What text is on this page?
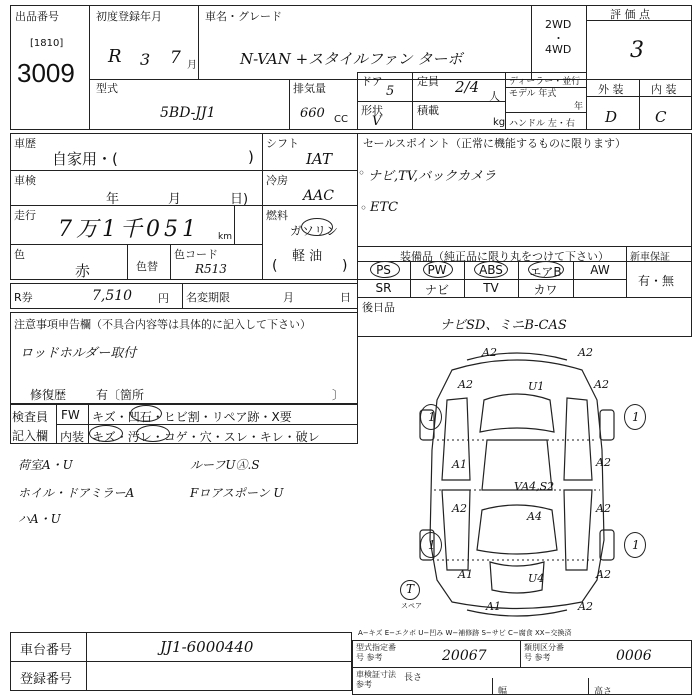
出品番号
[1810]
3009
初度登録年月
R 3 7 月
車名・グレード
N-VAN +スタイルファン ターボ
2WD
・
4WD
評 価 点
3
型式
5BD-JJ1
排気量
660 CC
ドア
5
定員 2/4
人
形状
V
積載
kg
ディーラー・並行
モデル 年式
年
ハンドル 左・右
外 装
D
内 装
C
車歴
自家用・(	)
シフト
IAT
車検
年	月	日)
冷房
AAC
走行
7万1千051 km
燃料
ガソリン
軽 油
(	)
色
赤	色替
色コード
R513
R券	7,510 円 名変期限	月	日
セールスポイント（正常に機能するものに限ります）
ナビ,TV,バックカメラ
ETC
◦
◦
装備品（純正品に限り丸をつけて下さい） 新車保証
有・無
PS	PW	ABS	エアB	AW
SR	ナビ	TV	カワ
後日品
ナビSD、ミニB-CAS
注意事項申告欄（不具合内容等は具体的に記入して下さい）
ロッドホルダー取付
修復歴 有〔箇所	〕
検査員
記入欄
FW キズ・凹石・ヒビ割・リペア跡・X要
内装 キズ・汚レ・コゲ・穴・スレ・キレ・破レ
荷室A・U
ホイル・ドアミラーA
ハA・U
ルーフUⒶ.S
Fロアスポーン U
A2	A2
U1
A2	A2
1	1
A1	A2
VA4,S2
A2	A2
A4
1	1
U4
A1	A2
A1	A2
T
スペア
車台番号	JJ1-6000440
登録番号
A−キズ E−エクボ U−凹み W−補修跡 S−サビ C−腐食 XX−交換済
型式指定番号 参考	20067
類別区分番号 参考	0006
車検証寸法 参考
長さ
幅	高さ
